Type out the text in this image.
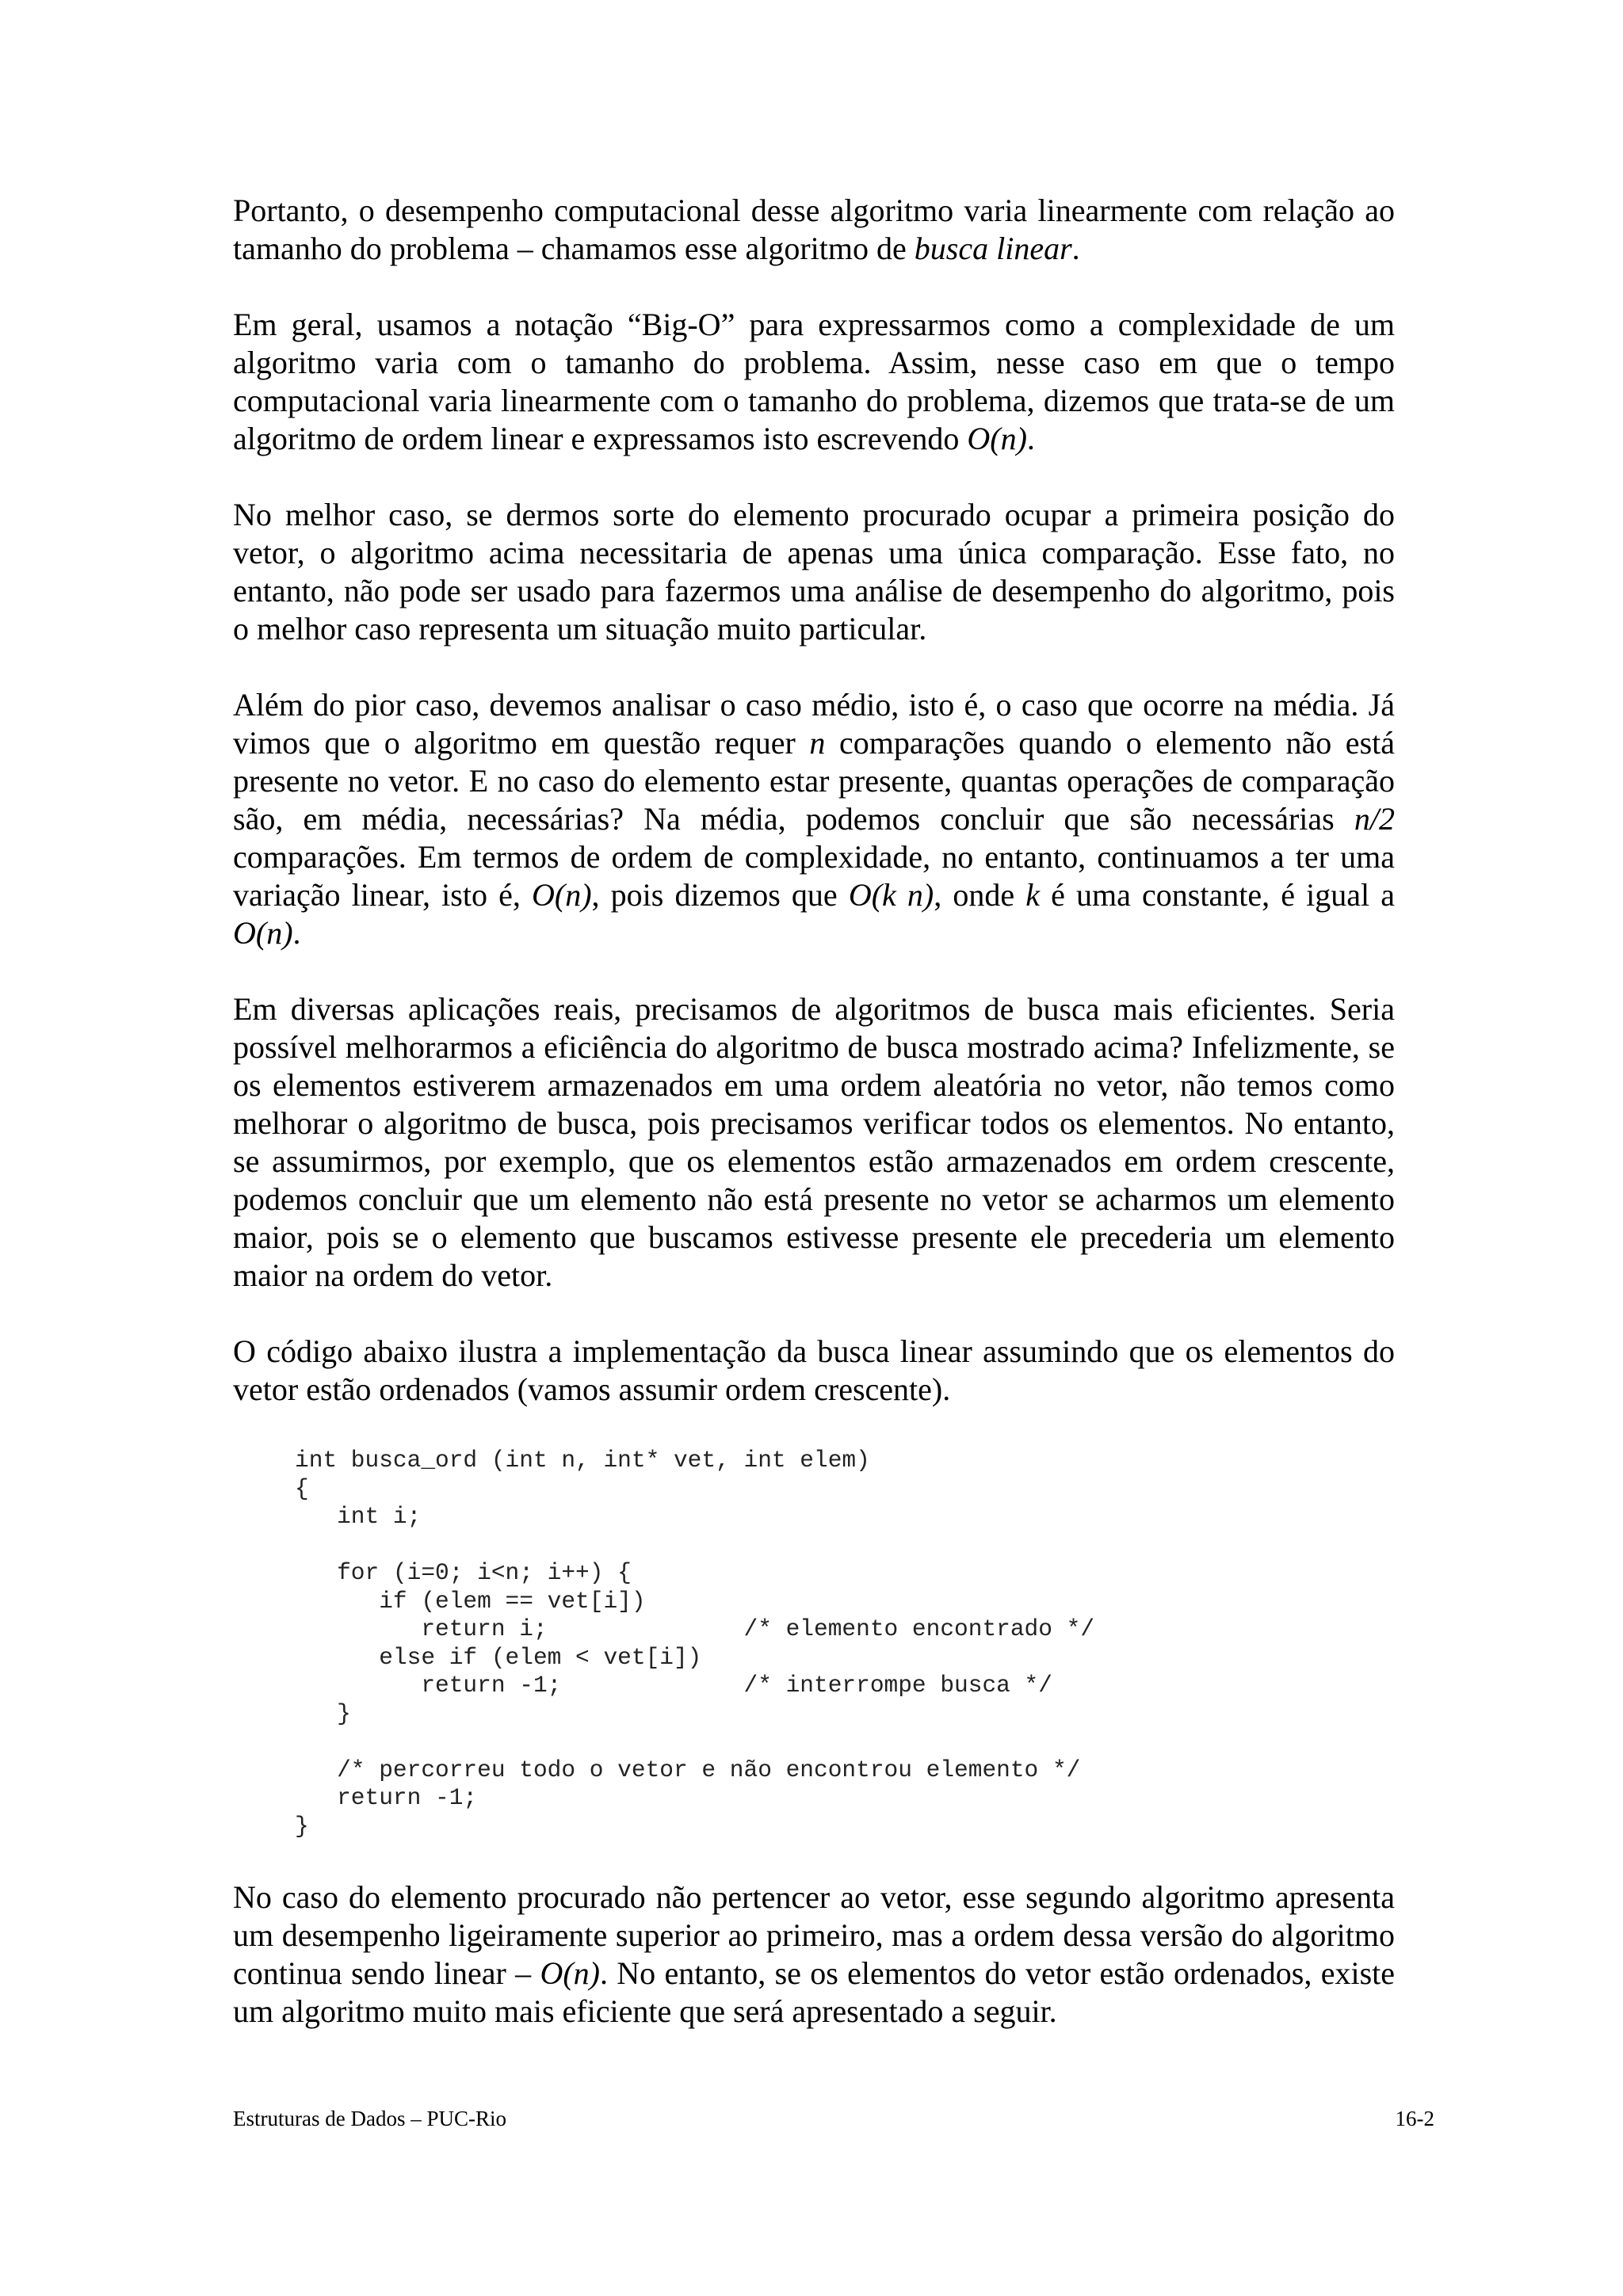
Portanto, o desempenho computacional desse algoritmo varia linearmente com relação ao tamanho do problema – chamamos esse algoritmo de busca linear.

Em geral, usamos a notação “Big-O” para expressarmos como a complexidade de um algoritmo varia com o tamanho do problema. Assim, nesse caso em que o tempo computacional varia linearmente com o tamanho do problema, dizemos que trata-se de um algoritmo de ordem linear e expressamos isto escrevendo O(n).

No melhor caso, se dermos sorte do elemento procurado ocupar a primeira posição do vetor, o algoritmo acima necessitaria de apenas uma única comparação. Esse fato, no entanto, não pode ser usado para fazermos uma análise de desempenho do algoritmo, pois o melhor caso representa um situação muito particular.

Além do pior caso, devemos analisar o caso médio, isto é, o caso que ocorre na média. Já vimos que o algoritmo em questão requer n comparações quando o elemento não está presente no vetor. E no caso do elemento estar presente, quantas operações de comparação são, em média, necessárias? Na média, podemos concluir que são necessárias n/2 comparações. Em termos de ordem de complexidade, no entanto, continuamos a ter uma variação linear, isto é, O(n), pois dizemos que O(k n), onde k é uma constante, é igual a O(n).

Em diversas aplicações reais, precisamos de algoritmos de busca mais eficientes. Seria possível melhorarmos a eficiência do algoritmo de busca mostrado acima? Infelizmente, se os elementos estiverem armazenados em uma ordem aleatória no vetor, não temos como melhorar o algoritmo de busca, pois precisamos verificar todos os elementos. No entanto, se assumirmos, por exemplo, que os elementos estão armazenados em ordem crescente, podemos concluir que um elemento não está presente no vetor se acharmos um elemento maior, pois se o elemento que buscamos estivesse presente ele precederia um elemento maior na ordem do vetor.

O código abaixo ilustra a implementação da busca linear assumindo que os elementos do vetor estão ordenados (vamos assumir ordem crescente).

int busca_ord (int n, int* vet, int elem)
{
int i;

for (i=0; i<n; i++) {
if (elem == vet[i])
return i;              /* elemento encontrado */
else if (elem < vet[i])
return -1;             /* interrompe busca */
}

/* percorreu todo o vetor e não encontrou elemento */
return -1;
}

No caso do elemento procurado não pertencer ao vetor, esse segundo algoritmo apresenta um desempenho ligeiramente superior ao primeiro, mas a ordem dessa versão do algoritmo continua sendo linear – O(n). No entanto, se os elementos do vetor estão ordenados, existe um algoritmo muito mais eficiente que será apresentado a seguir.

Estruturas de Dados – PUC-Rio	16-2
